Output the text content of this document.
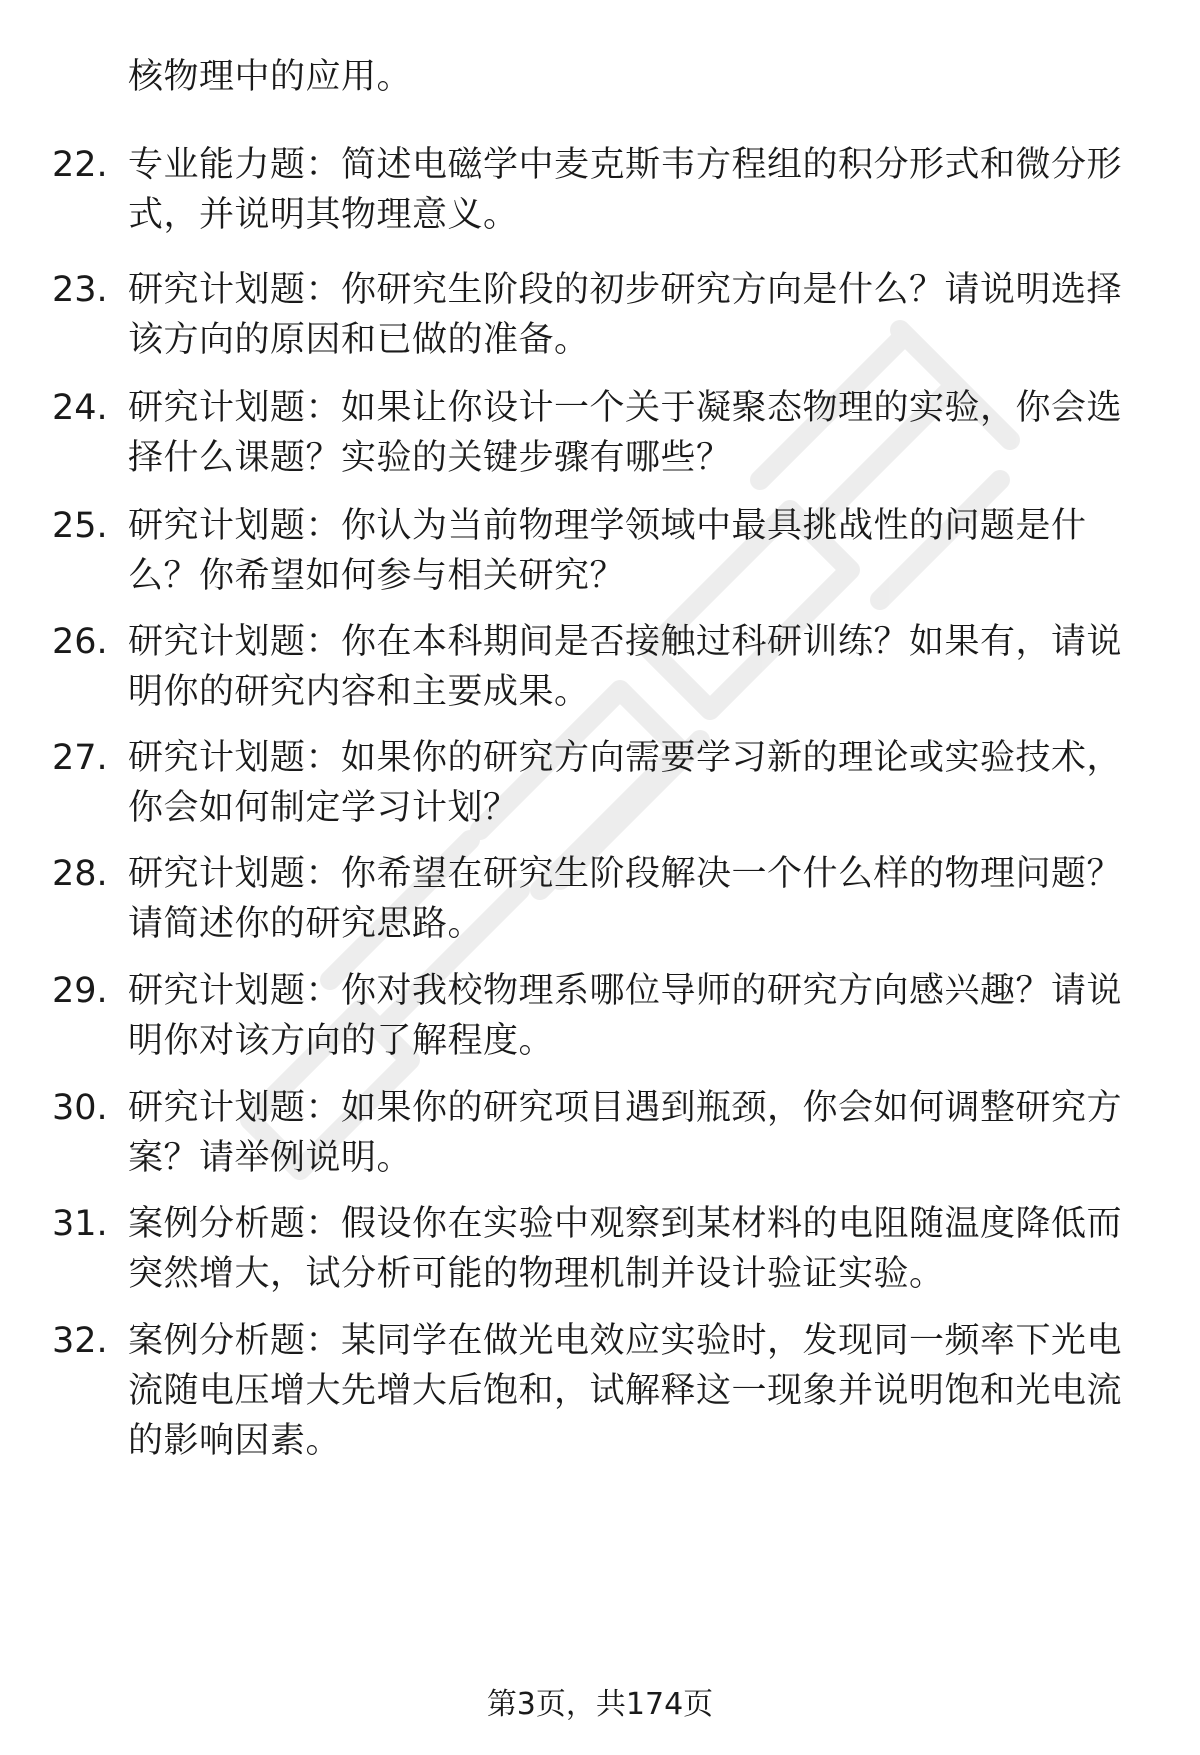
核物理中的应用。
22. 专业能力题：简述电磁学中麦克斯韦方程组的积分形式和微分形
式，并说明其物理意义。
23. 研究计划题：你研究生阶段的初步研究方向是什么？请说明选择
该方向的原因和已做的准备。
24. 研究计划题：如果让你设计一个关于凝聚态物理的实验，你会选
择什么课题？实验的关键步骤有哪些？
25. 研究计划题：你认为当前物理学领域中最具挑战性的问题是什
么？你希望如何参与相关研究？
26. 研究计划题：你在本科期间是否接触过科研训练？如果有，请说
明你的研究内容和主要成果。
27. 研究计划题：如果你的研究方向需要学习新的理论或实验技术，
你会如何制定学习计划？
28. 研究计划题：你希望在研究生阶段解决一个什么样的物理问题？
请简述你的研究思路。
29. 研究计划题：你对我校物理系哪位导师的研究方向感兴趣？请说
明你对该方向的了解程度。
30. 研究计划题：如果你的研究项目遇到瓶颈，你会如何调整研究方
案？请举例说明。
31. 案例分析题：假设你在实验中观察到某材料的电阻随温度降低而
突然增大，试分析可能的物理机制并设计验证实验。
32. 案例分析题：某同学在做光电效应实验时，发现同一频率下光电
流随电压增大先增大后饱和，试解释这一现象并说明饱和光电流
的影响因素。
第3页，共174页
